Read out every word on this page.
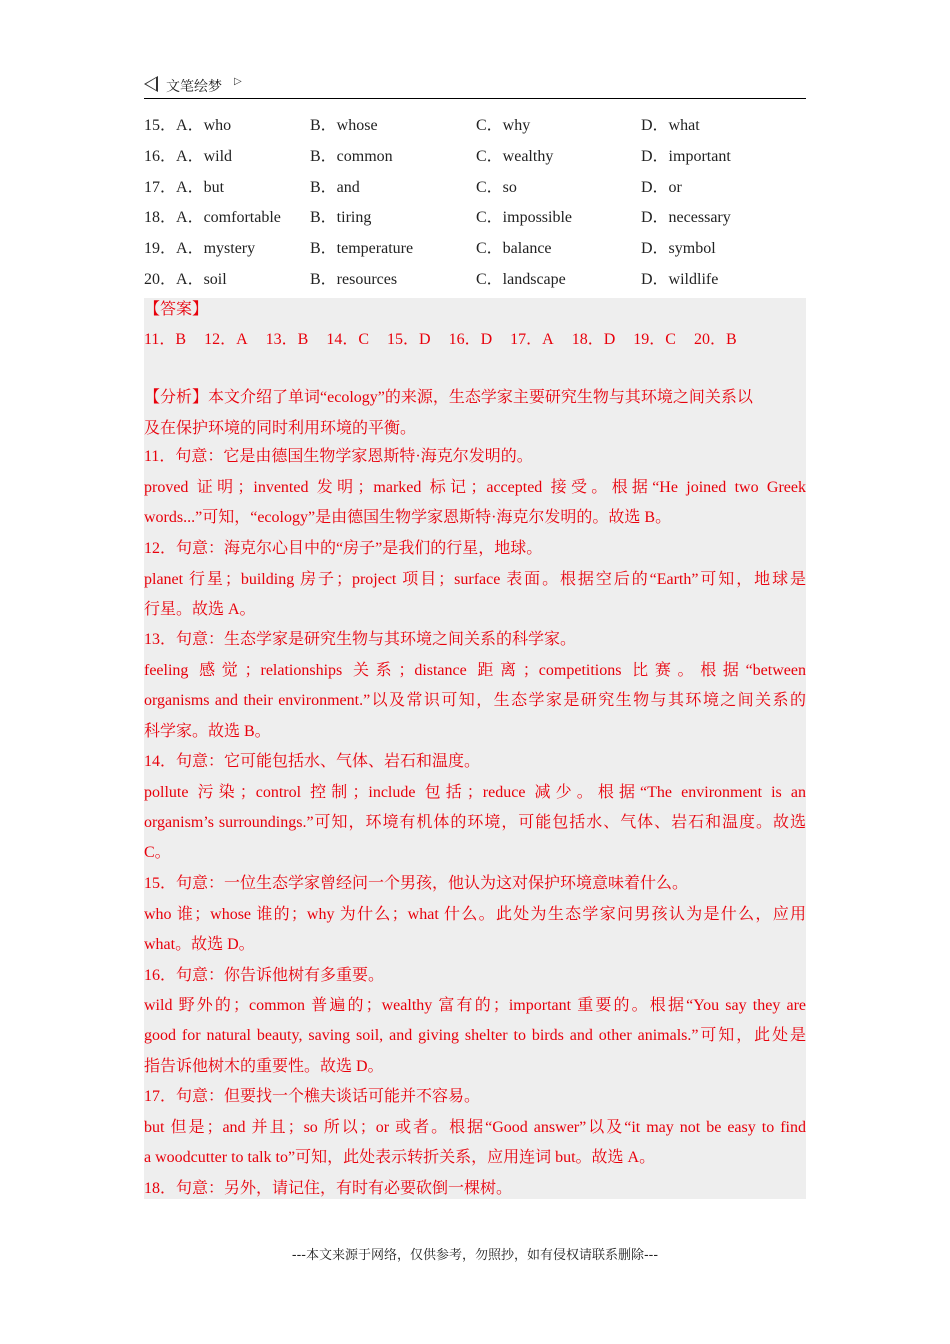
文笔绘梦 ▷
15．A．who	B．whose	C．why	D．what
16．A．wild	B．common	C．wealthy	D．important
17．A．but	B．and	C．so	D．or
18．A．comfortable B．tiring	C．impossible	D．necessary
19．A．mystery	B．temperature	C．balance	D．symbol
20．A．soil	B．resources	C．landscape	D．wildlife
【答案】
11．B 12．A 13．B 14．C 15．D 16．D 17．A 18．D 19．C 20．B
【分析】本文介绍了单词“ecology”的来源，生态学家主要研究生物与其环境之间关系以
及在保护环境的同时利用环境的平衡。
11．句意：它是由德国生物学家恩斯特·海克尔发明的。
proved 证明；invented 发明；marked 标记；accepted 接受。根据“He joined two Greek
words...”可知，“ecology”是由德国生物学家恩斯特·海克尔发明的。故选 B。
12．句意：海克尔心目中的“房子”是我们的行星，地球。
planet 行星；building 房子；project 项目；surface 表面。根据空后的“Earth”可知，地球是
行星。故选 A。
13．句意：生态学家是研究生物与其环境之间关系的科学家。
feeling 感觉；relationships 关系；distance 距离；competitions 比赛。根据“between
organisms and their environment.”以及常识可知，生态学家是研究生物与其环境之间关系的
科学家。故选 B。
14．句意：它可能包括水、气体、岩石和温度。
pollute 污染；control 控制；include 包括；reduce 减少。根据“The environment is an
organism’s surroundings.”可知，环境有机体的环境，可能包括水、气体、岩石和温度。故选
C。
15．句意：一位生态学家曾经问一个男孩，他认为这对保护环境意味着什么。
who 谁；whose 谁的；why 为什么；what 什么。此处为生态学家问男孩认为是什么，应用
what。故选 D。
16．句意：你告诉他树有多重要。
wild 野外的；common 普遍的；wealthy 富有的；important 重要的。根据“You say they are
good for natural beauty, saving soil, and giving shelter to birds and other animals.”可知，此处是
指告诉他树木的重要性。故选 D。
17．句意：但要找一个樵夫谈话可能并不容易。
but 但是；and 并且；so 所以；or 或者。根据“Good answer”以及“it may not be easy to find
a woodcutter to talk to”可知，此处表示转折关系，应用连词 but。故选 A。
18．句意：另外，请记住，有时有必要砍倒一棵树。
---本文来源于网络，仅供参考，勿照抄，如有侵权请联系删除---
